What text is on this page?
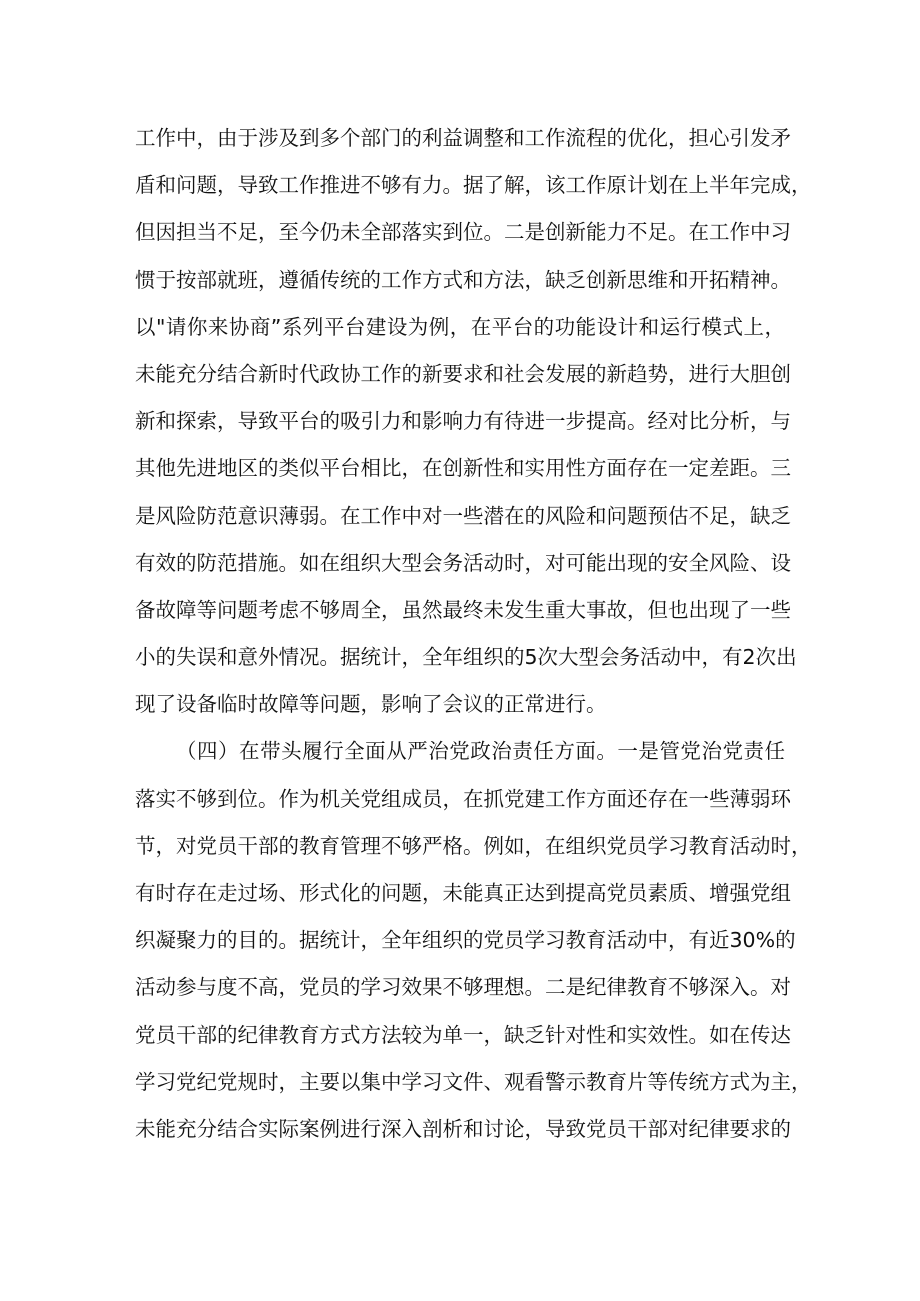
工作中，由于涉及到多个部门的利益调整和工作流程的优化，担心引发矛
盾和问题，导致工作推进不够有力。据了解，该工作原计划在上半年完成，
但因担当不足，至今仍未全部落实到位。二是创新能力不足。在工作中习
惯于按部就班，遵循传统的工作方式和方法，缺乏创新思维和开拓精神。
以"请你来协商”系列平台建设为例，在平台的功能设计和运行模式上，
未能充分结合新时代政协工作的新要求和社会发展的新趋势，进行大胆创
新和探索，导致平台的吸引力和影响力有待进一步提高。经对比分析，与
其他先进地区的类似平台相比，在创新性和实用性方面存在一定差距。三
是风险防范意识薄弱。在工作中对一些潜在的风险和问题预估不足，缺乏
有效的防范措施。如在组织大型会务活动时，对可能出现的安全风险、设
备故障等问题考虑不够周全，虽然最终未发生重大事故，但也出现了一些
小的失误和意外情况。据统计，全年组织的5次大型会务活动中，有2次出
现了设备临时故障等问题，影响了会议的正常进行。
（四）在带头履行全面从严治党政治责任方面。一是管党治党责任
落实不够到位。作为机关党组成员，在抓党建工作方面还存在一些薄弱环
节，对党员干部的教育管理不够严格。例如，在组织党员学习教育活动时，
有时存在走过场、形式化的问题，未能真正达到提高党员素质、增强党组
织凝聚力的目的。据统计，全年组织的党员学习教育活动中，有近30%的
活动参与度不高，党员的学习效果不够理想。二是纪律教育不够深入。对
党员干部的纪律教育方式方法较为单一，缺乏针对性和实效性。如在传达
学习党纪党规时，主要以集中学习文件、观看警示教育片等传统方式为主，
未能充分结合实际案例进行深入剖析和讨论，导致党员干部对纪律要求的
